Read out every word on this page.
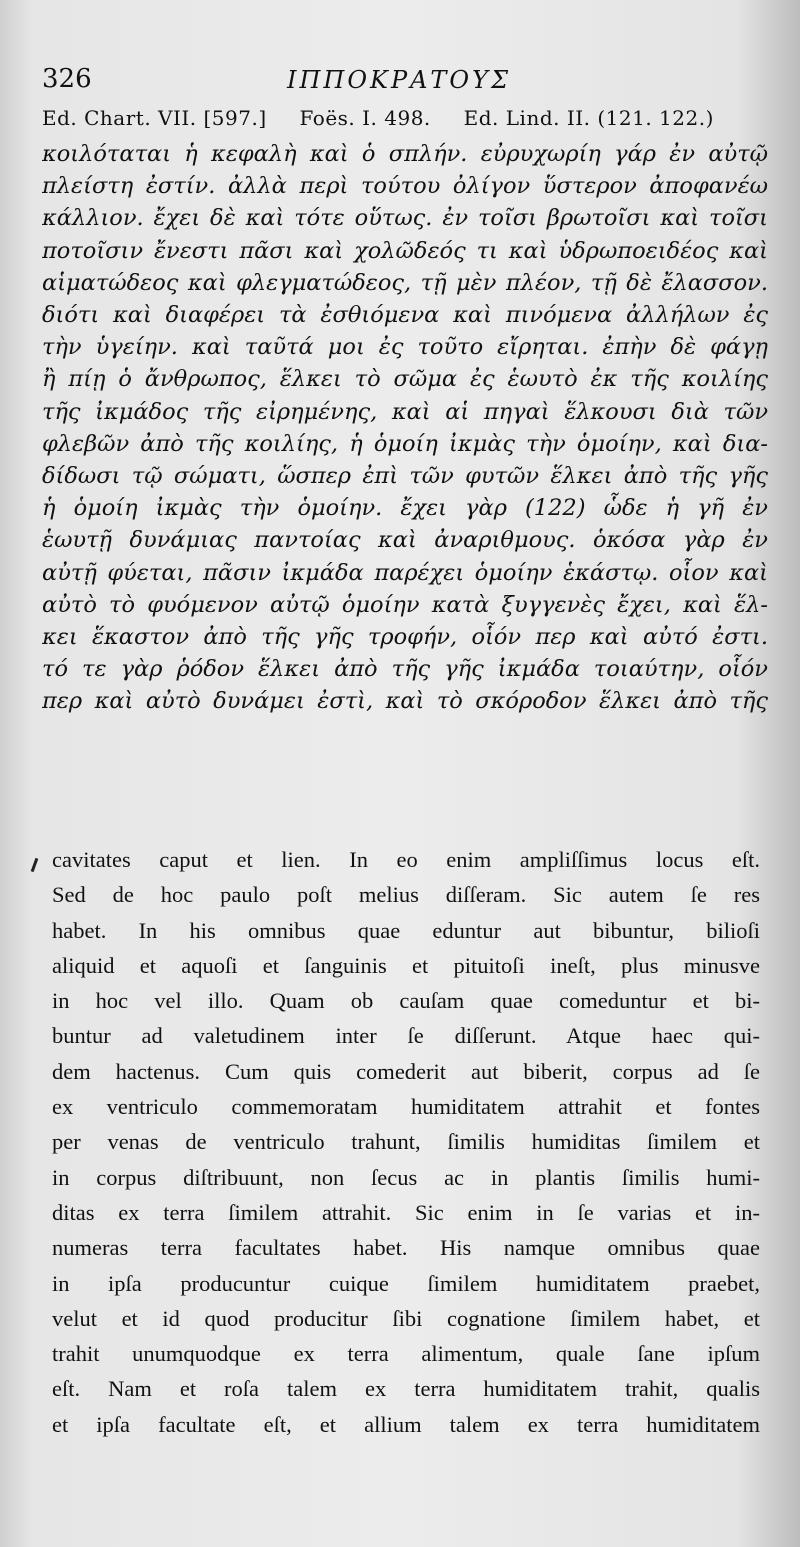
326	ΙΠΠΟΚΡΑΤΟΥΣ
Ed. Chart. VII. [597.] Foës. I. 498. Ed. Lind. II. (121. 122.)
κοιλόταται ἡ κεφαλὴ καὶ ὁ σπλήν. εὐρυχωρίη γάρ ἐν αὐτῷ
πλείστη ἐστίν. ἀλλὰ περὶ τούτου ὀλίγον ὕστερον ἀποφανέω
κάλλιον. ἔχει δὲ καὶ τότε οὕτως. ἐν τοῖσι βρωτοῖσι καὶ τοῖσι
ποτοῖσιν ἔνεστι πᾶσι καὶ χολῶδεός τι καὶ ὑδρωποειδέος καὶ
αἱματώδεος καὶ φλεγματώδεος, τῇ μὲν πλέον, τῇ δὲ ἔλασσον.
διότι καὶ διαφέρει τὰ ἐσθιόμενα καὶ πινόμενα ἀλλήλων ἐς
τὴν ὑγείην. καὶ ταῦτά μοι ἐς τοῦτο εἴρηται. ἐπὴν δὲ φάγῃ
ἢ πίῃ ὁ ἄνθρωπος, ἕλκει τὸ σῶμα ἐς ἑωυτὸ ἐκ τῆς κοιλίης
τῆς ἰκμάδος τῆς εἰρημένης, καὶ αἱ πηγαὶ ἕλκουσι διὰ τῶν
φλεβῶν ἀπὸ τῆς κοιλίης, ἡ ὁμοίη ἰκμὰς τὴν ὁμοίην, καὶ δια-
δίδωσι τῷ σώματι, ὥσπερ ἐπὶ τῶν φυτῶν ἕλκει ἀπὸ τῆς γῆς
ἡ ὁμοίη ἰκμὰς τὴν ὁμοίην. ἔχει γὰρ (122) ὧδε ἡ γῆ ἐν
ἑωυτῇ δυνάμιας παντοίας καὶ ἀναριθμους. ὁκόσα γὰρ ἐν
αὐτῇ φύεται, πᾶσιν ἰκμάδα παρέχει ὁμοίην ἑκάστῳ. οἷον καὶ
αὐτὸ τὸ φυόμενον αὐτῷ ὁμοίην κατὰ ξυγγενὲς ἔχει, καὶ ἕλ-
κει ἕκαστον ἀπὸ τῆς γῆς τροφήν, οἷόν περ καὶ αὐτό ἐστι.
τό τε γὰρ ῥόδον ἕλκει ἀπὸ τῆς γῆς ἰκμάδα τοιαύτην, οἷόν
περ καὶ αὐτὸ δυνάμει ἐστὶ, καὶ τὸ σκόροδον ἕλκει ἀπὸ τῆς
cavitates caput et lien. In eo enim ampliſſimus locus eſt.
Sed de hoc paulo poſt melius diſſeram. Sic autem ſe res
habet. In his omnibus quae eduntur aut bibuntur, bilioſi
aliquid et aquoſi et ſanguinis et pituitoſi ineſt, plus minusve
in hoc vel illo. Quam ob cauſam quae comeduntur et bi-
buntur ad valetudinem inter ſe diſſerunt. Atque haec qui-
dem hactenus. Cum quis comederit aut biberit, corpus ad ſe
ex ventriculo commemoratam humiditatem attrahit et fontes
per venas de ventriculo trahunt, ſimilis humiditas ſimilem et
in corpus diſtribuunt, non ſecus ac in plantis ſimilis humi-
ditas ex terra ſimilem attrahit. Sic enim in ſe varias et in-
numeras terra facultates habet. His namque omnibus quae
in ipſa producuntur cuique ſimilem humiditatem praebet,
velut et id quod producitur ſibi cognatione ſimilem habet, et
trahit unumquodque ex terra alimentum, quale ſane ipſum
eſt. Nam et roſa talem ex terra humiditatem trahit, qualis
et ipſa facultate eſt, et allium talem ex terra humiditatem
